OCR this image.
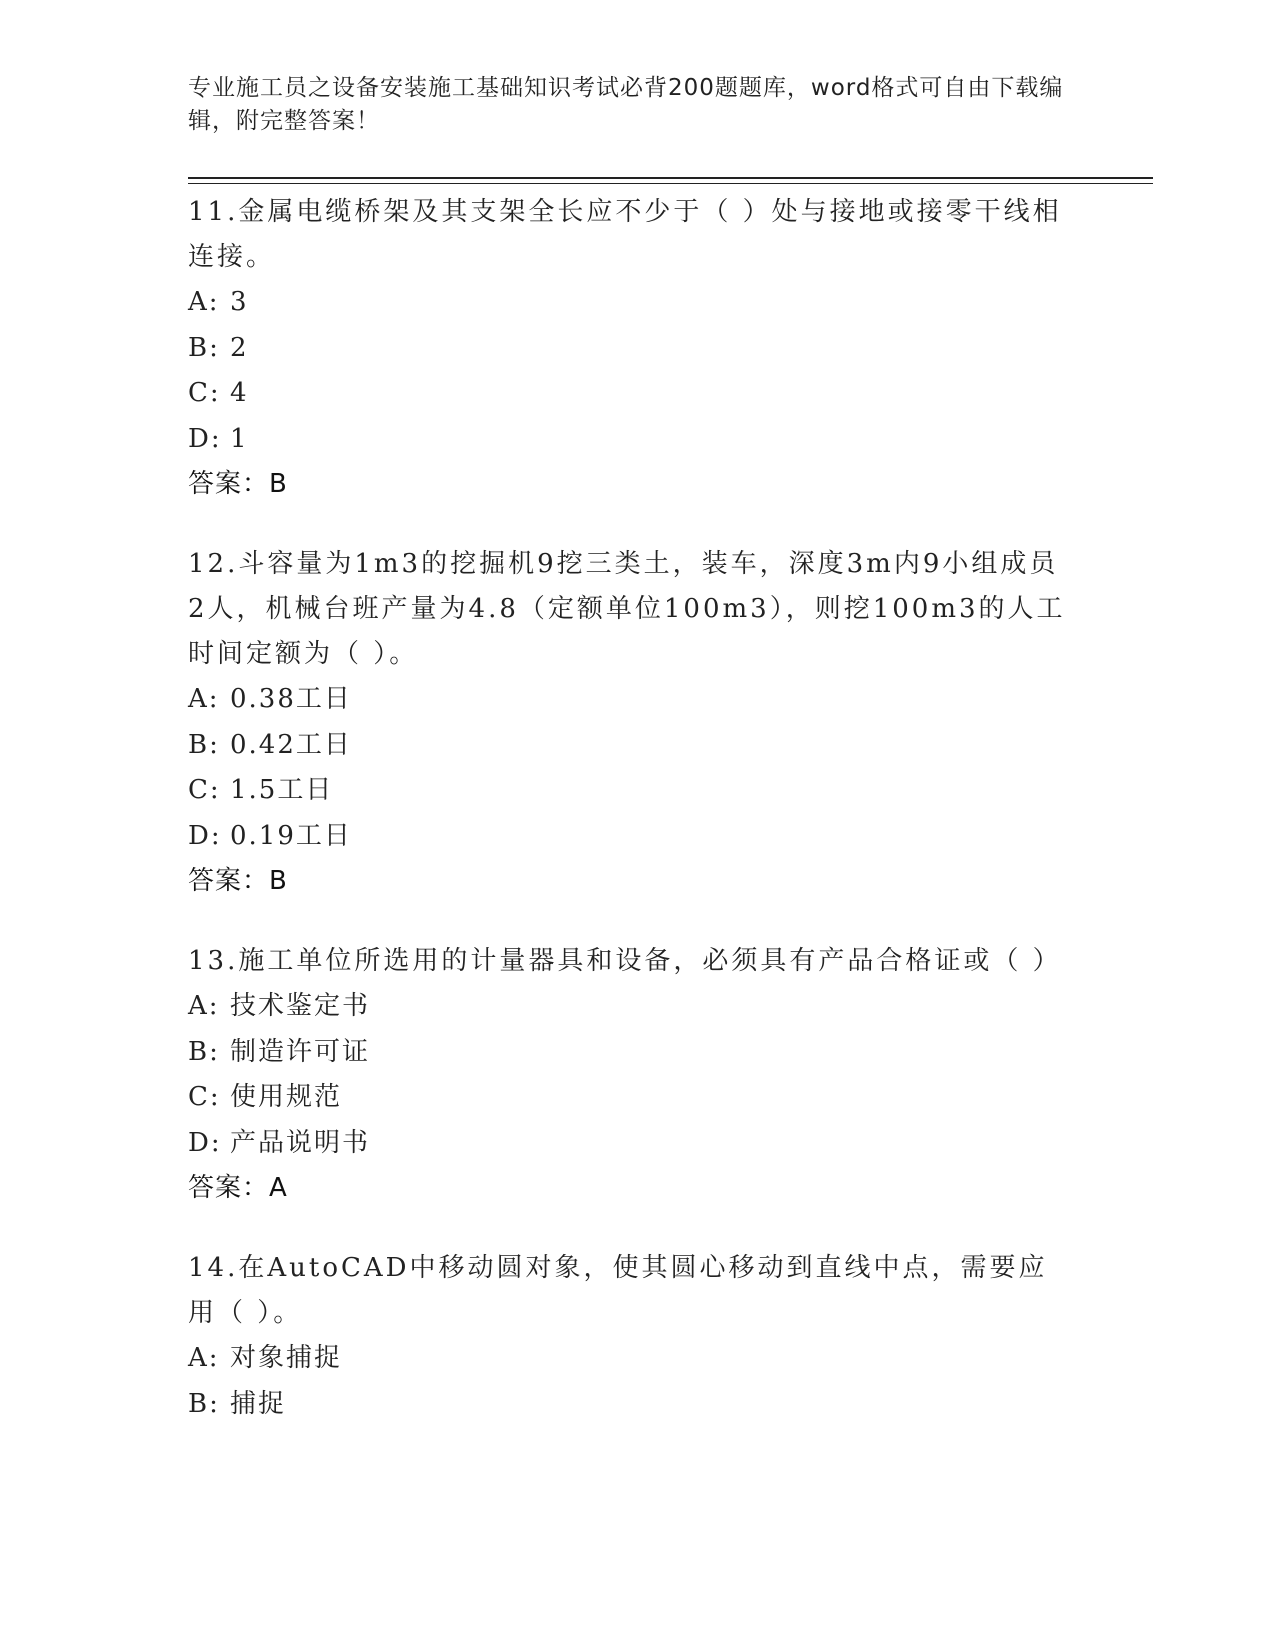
专业施工员之设备安装施工基础知识考试必背200题题库，word格式可自由下载编辑，附完整答案！

11.金属电缆桥架及其支架全长应不少于（ ）处与接地或接零干线相连接。

A: 3

B: 2

C: 4

D: 1

答案：B

12.斗容量为1m3的挖掘机9挖三类土，装车，深度3m内9小组成员2人，机械台班产量为4.8（定额单位100m3），则挖100m3的人工时间定额为（ ）。

A: 0.38工日

B: 0.42工日

C: 1.5工日

D: 0.19工日

答案：B

13.施工单位所选用的计量器具和设备，必须具有产品合格证或（ ）

A: 技术鉴定书

B: 制造许可证

C: 使用规范

D: 产品说明书

答案：A

14.在AutoCAD中移动圆对象，使其圆心移动到直线中点，需要应用（ ）。

A: 对象捕捉

B: 捕捉
